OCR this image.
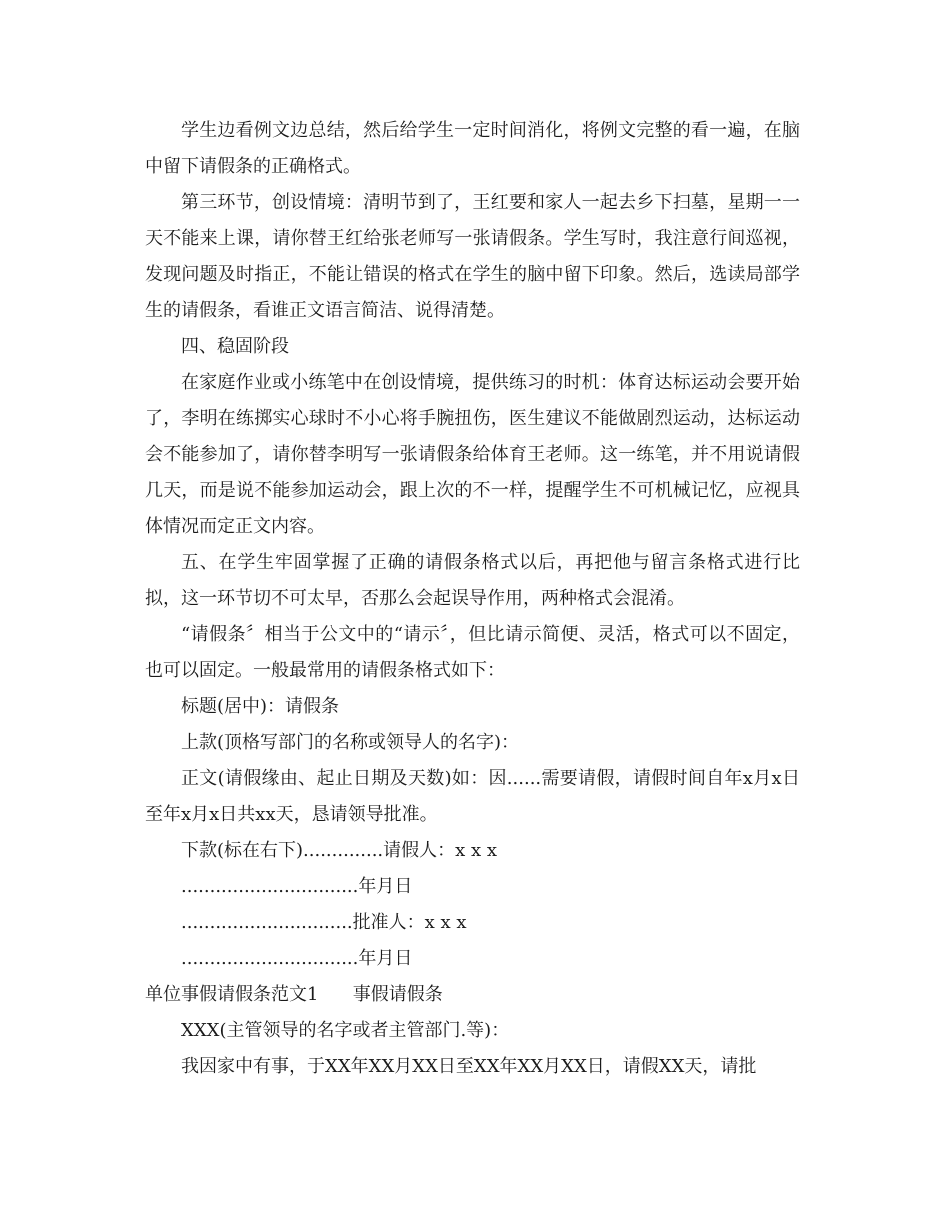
学生边看例文边总结，然后给学生一定时间消化，将例文完整的看一遍，在脑中留下请假条的正确格式。

第三环节，创设情境：清明节到了，王红要和家人一起去乡下扫墓，星期一一天不能来上课，请你替王红给张老师写一张请假条。学生写时，我注意行间巡视，发现问题及时指正，不能让错误的格式在学生的脑中留下印象。然后，选读局部学生的请假条，看谁正文语言简洁、说得清楚。

四、稳固阶段

在家庭作业或小练笔中在创设情境，提供练习的时机：体育达标运动会要开始了，李明在练掷实心球时不小心将手腕扭伤，医生建议不能做剧烈运动，达标运动会不能参加了，请你替李明写一张请假条给体育王老师。这一练笔，并不用说请假几天，而是说不能参加运动会，跟上次的不一样，提醒学生不可机械记忆，应视具体情况而定正文内容。

五、在学生牢固掌握了正确的请假条格式以后，再把他与留言条格式进行比拟，这一环节切不可太早，否那么会起误导作用，两种格式会混淆。

“请假条〞相当于公文中的“请示〞，但比请示简便、灵活，格式可以不固定，也可以固定。一般最常用的请假条格式如下：

标题(居中)：请假条

上款(顶格写部门的名称或领导人的名字)：

正文(请假缘由、起止日期及天数)如：因......需要请假，请假时间自年x月x日至年x月x日共xx天，恳请领导批准。

下款(标在右下)..............请假人：x x x

...............................年月日

..............................批准人：x x x

...............................年月日

单位事假请假条范文1      事假请假条

XXX(主管领导的名字或者主管部门.等)：

我因家中有事，于XX年XX月XX日至XX年XX月XX日，请假XX天，请批
